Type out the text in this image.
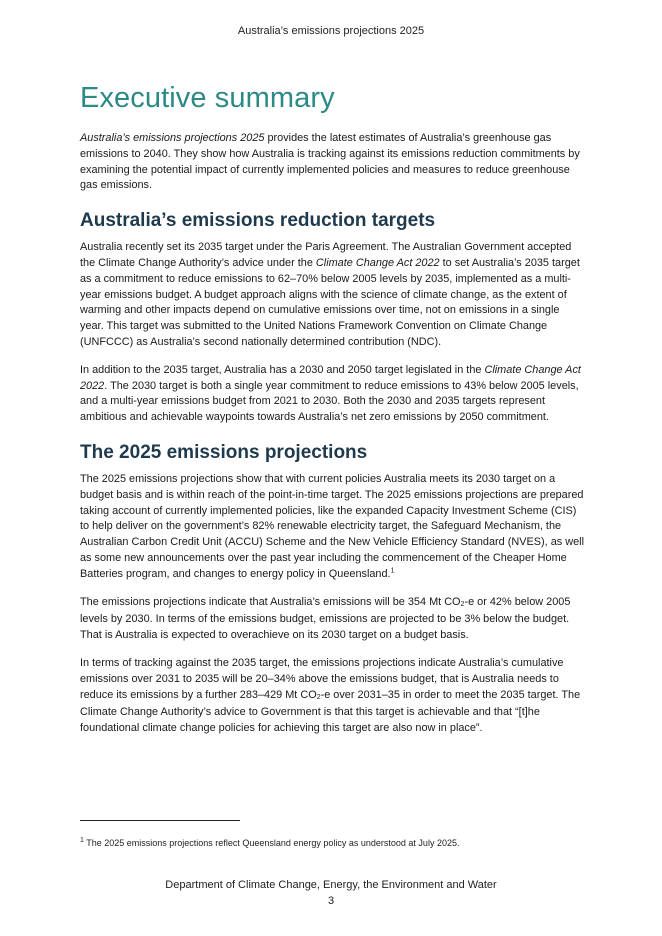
Australia’s emissions projections 2025
Executive summary

Australia’s emissions projections 2025 provides the latest estimates of Australia’s greenhouse gas emissions to 2040. They show how Australia is tracking against its emissions reduction commitments by examining the potential impact of currently implemented policies and measures to reduce greenhouse gas emissions.

Australia’s emissions reduction targets

Australia recently set its 2035 target under the Paris Agreement. The Australian Government accepted the Climate Change Authority’s advice under the Climate Change Act 2022 to set Australia’s 2035 target as a commitment to reduce emissions to 62–70% below 2005 levels by 2035, implemented as a multi-year emissions budget. A budget approach aligns with the science of climate change, as the extent of warming and other impacts depend on cumulative emissions over time, not on emissions in a single year. This target was submitted to the United Nations Framework Convention on Climate Change (UNFCCC) as Australia’s second nationally determined contribution (NDC).

In addition to the 2035 target, Australia has a 2030 and 2050 target legislated in the Climate Change Act 2022. The 2030 target is both a single year commitment to reduce emissions to 43% below 2005 levels, and a multi-year emissions budget from 2021 to 2030. Both the 2030 and 2035 targets represent ambitious and achievable waypoints towards Australia’s net zero emissions by 2050 commitment.

The 2025 emissions projections

The 2025 emissions projections show that with current policies Australia meets its 2030 target on a budget basis and is within reach of the point-in-time target. The 2025 emissions projections are prepared taking account of currently implemented policies, like the expanded Capacity Investment Scheme (CIS) to help deliver on the government’s 82% renewable electricity target, the Safeguard Mechanism, the Australian Carbon Credit Unit (ACCU) Scheme and the New Vehicle Efficiency Standard (NVES), as well as some new announcements over the past year including the commencement of the Cheaper Home Batteries program, and changes to energy policy in Queensland.$^1$

The emissions projections indicate that Australia’s emissions will be 354 Mt CO2-e or 42% below 2005 levels by 2030. In terms of the emissions budget, emissions are projected to be 3% below the budget. That is Australia is expected to overachieve on its 2030 target on a budget basis.

In terms of tracking against the 2035 target, the emissions projections indicate Australia’s cumulative emissions over 2031 to 2035 will be 20–34% above the emissions budget, that is Australia needs to reduce its emissions by a further 283–429 Mt CO2-e over 2031–35 in order to meet the 2035 target. The Climate Change Authority’s advice to Government is that this target is achievable and that “[t]he foundational climate change policies for achieving this target are also now in place”.

$^1$ The 2025 emissions projections reflect Queensland energy policy as understood at July 2025.
Department of Climate Change, Energy, the Environment and Water
3
